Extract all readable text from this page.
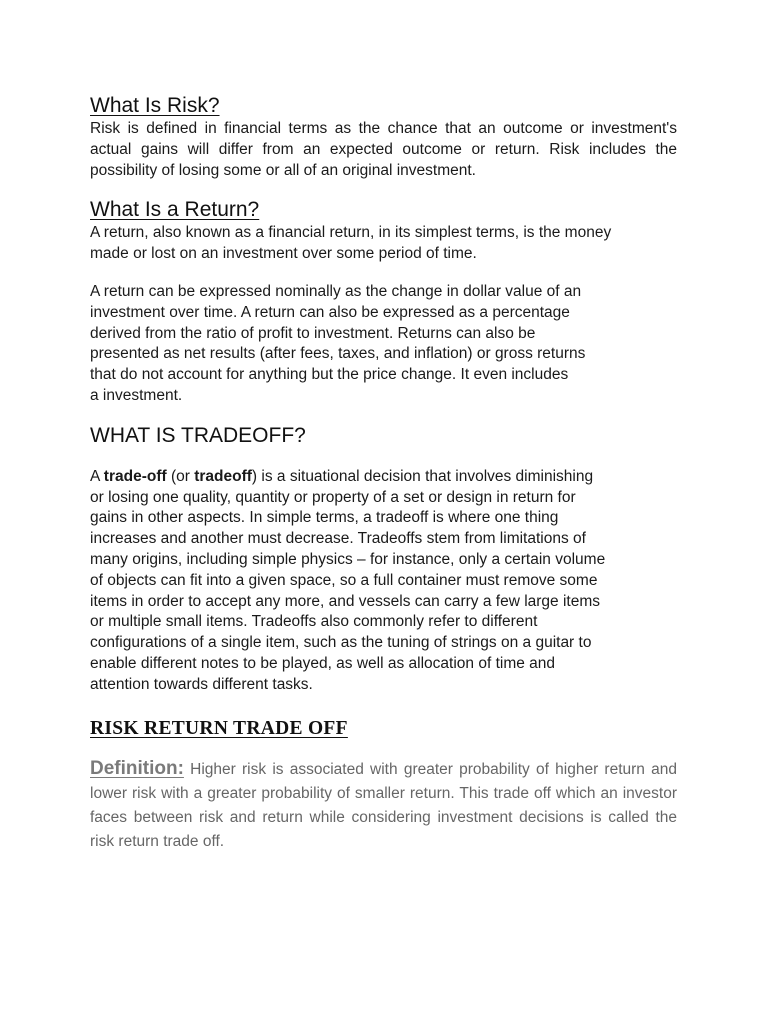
What Is Risk?

Risk is defined in financial terms as the chance that an outcome or investment's actual gains will differ from an expected outcome or return. Risk includes the possibility of losing some or all of an original investment.

What Is a Return?

A return, also known as a financial return, in its simplest terms, is the money made or lost on an investment over some period of time.

A return can be expressed nominally as the change in dollar value of an
investment over time. A return can also be expressed as a percentage
derived from the ratio of profit to investment. Returns can also be
presented as net results (after fees, taxes, and inflation) or gross returns
that do not account for anything but the price change. It even includes
a investment.
WHAT IS TRADEOFF?
A trade-off (or tradeoff) is a situational decision that involves diminishing
or losing one quality, quantity or property of a set or design in return for
gains in other aspects. In simple terms, a tradeoff is where one thing
increases and another must decrease. Tradeoffs stem from limitations of
many origins, including simple physics – for instance, only a certain volume
of objects can fit into a given space, so a full container must remove some
items in order to accept any more, and vessels can carry a few large items
or multiple small items. Tradeoffs also commonly refer to different
configurations of a single item, such as the tuning of strings on a guitar to
enable different notes to be played, as well as allocation of time and
attention towards different tasks.
RISK RETURN TRADE OFF

Definition: Higher risk is associated with greater probability of higher return and lower risk with a greater probability of smaller return. This trade off which an investor faces between risk and return while considering investment decisions is called the risk return trade off.
